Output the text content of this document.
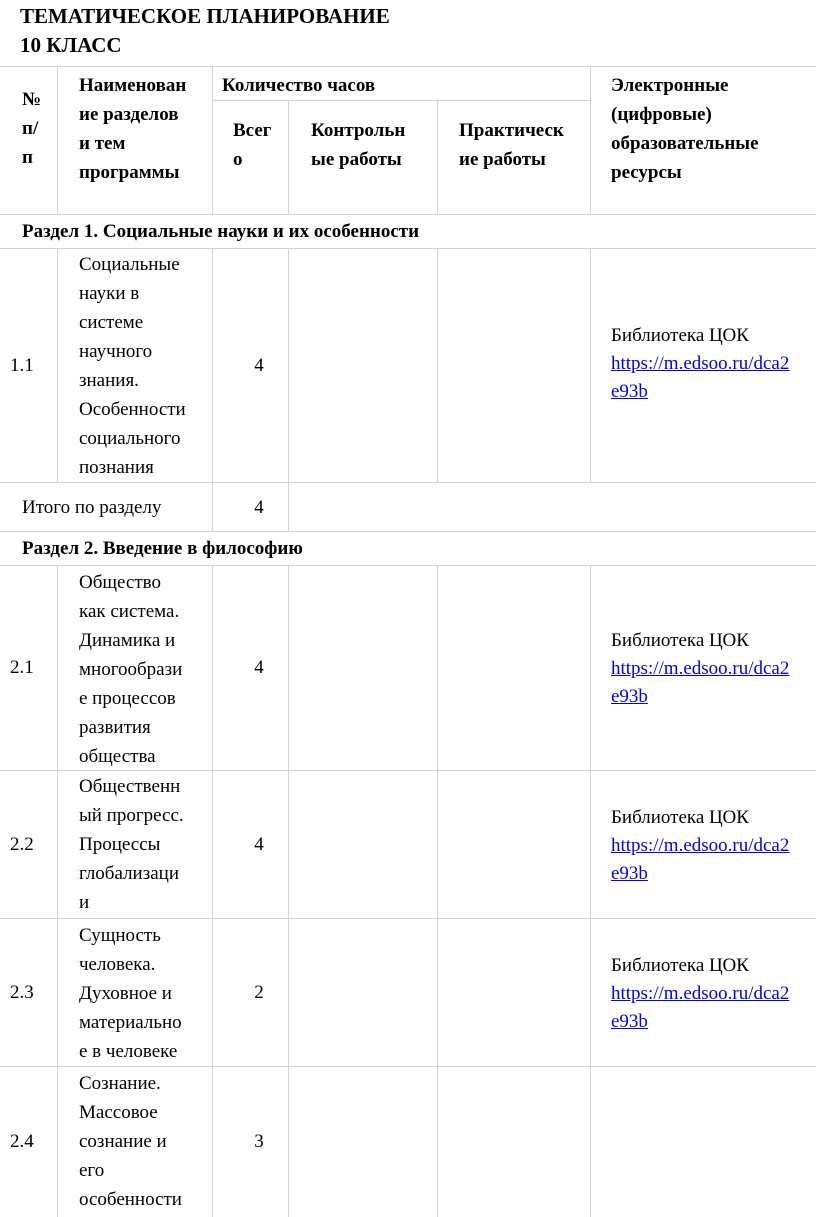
ТЕМАТИЧЕСКОЕ ПЛАНИРОВАНИЕ
10 КЛАСС
№
п/
п
Наименован
ие разделов
и тем
программы
Количество часов
Всег
о
Контрольн
ые работы
Практическ
ие работы
Электронные
(цифровые)
образовательные
ресурсы
Раздел 1. Социальные науки и их особенности
1.1
Социальные
науки в
системе
научного
знания.
Особенности
социального
познания
4
Библиотека ЦОК
https://m.edsoo.ru/dca2
e93b
Итого по разделу	4
Раздел 2. Введение в философию
2.1
Общество
как система.
Динамика и
многообрази
е процессов
развития
общества
4
Библиотека ЦОК
https://m.edsoo.ru/dca2
e93b
2.2
Общественн
ый прогресс.
Процессы
глобализаци
и
4
Библиотека ЦОК
https://m.edsoo.ru/dca2
e93b
2.3
Сущность
человека.
Духовное и
материально
е в человеке
2
Библиотека ЦОК
https://m.edsoo.ru/dca2
e93b
2.4
Сознание.
Массовое
сознание и
его
особенности
3
